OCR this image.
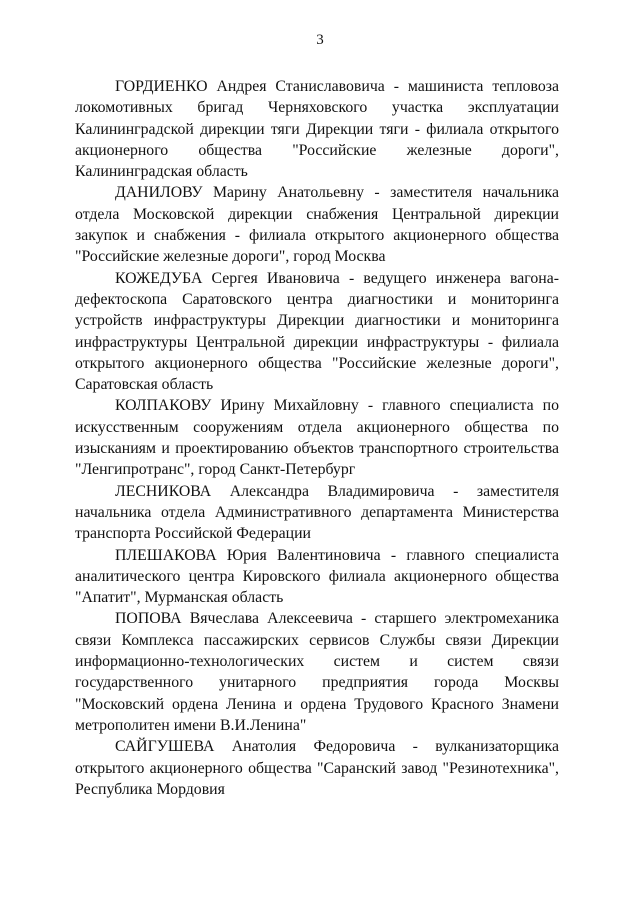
3

ГОРДИЕНКО Андрея Станиславовича - машиниста тепловоза локомотивных бригад Черняховского участка эксплуатации Калининградской дирекции тяги Дирекции тяги - филиала открытого акционерного общества "Российские железные дороги", Калининградская область

ДАНИЛОВУ Марину Анатольевну - заместителя начальника отдела Московской дирекции снабжения Центральной дирекции закупок и снабжения - филиала открытого акционерного общества "Российские железные дороги", город Москва

КОЖЕДУБА Сергея Ивановича - ведущего инженера вагона-дефектоскопа Саратовского центра диагностики и мониторинга устройств инфраструктуры Дирекции диагностики и мониторинга инфраструктуры Центральной дирекции инфраструктуры - филиала открытого акционерного общества "Российские железные дороги", Саратовская область

КОЛПАКОВУ Ирину Михайловну - главного специалиста по искусственным сооружениям отдела акционерного общества по изысканиям и проектированию объектов транспортного строительства "Ленгипротранс", город Санкт-Петербург

ЛЕСНИКОВА Александра Владимировича - заместителя начальника отдела Административного департамента Министерства транспорта Российской Федерации

ПЛЕШАКОВА Юрия Валентиновича - главного специалиста аналитического центра Кировского филиала акционерного общества "Апатит", Мурманская область

ПОПОВА Вячеслава Алексеевича - старшего электромеханика связи Комплекса пассажирских сервисов Службы связи Дирекции информационно-технологических систем и систем связи государственного унитарного предприятия города Москвы "Московский ордена Ленина и ордена Трудового Красного Знамени метрополитен имени В.И.Ленина"

САЙГУШЕВА Анатолия Федоровича - вулканизаторщика открытого акционерного общества "Саранский завод "Резинотехника", Республика Мордовия
